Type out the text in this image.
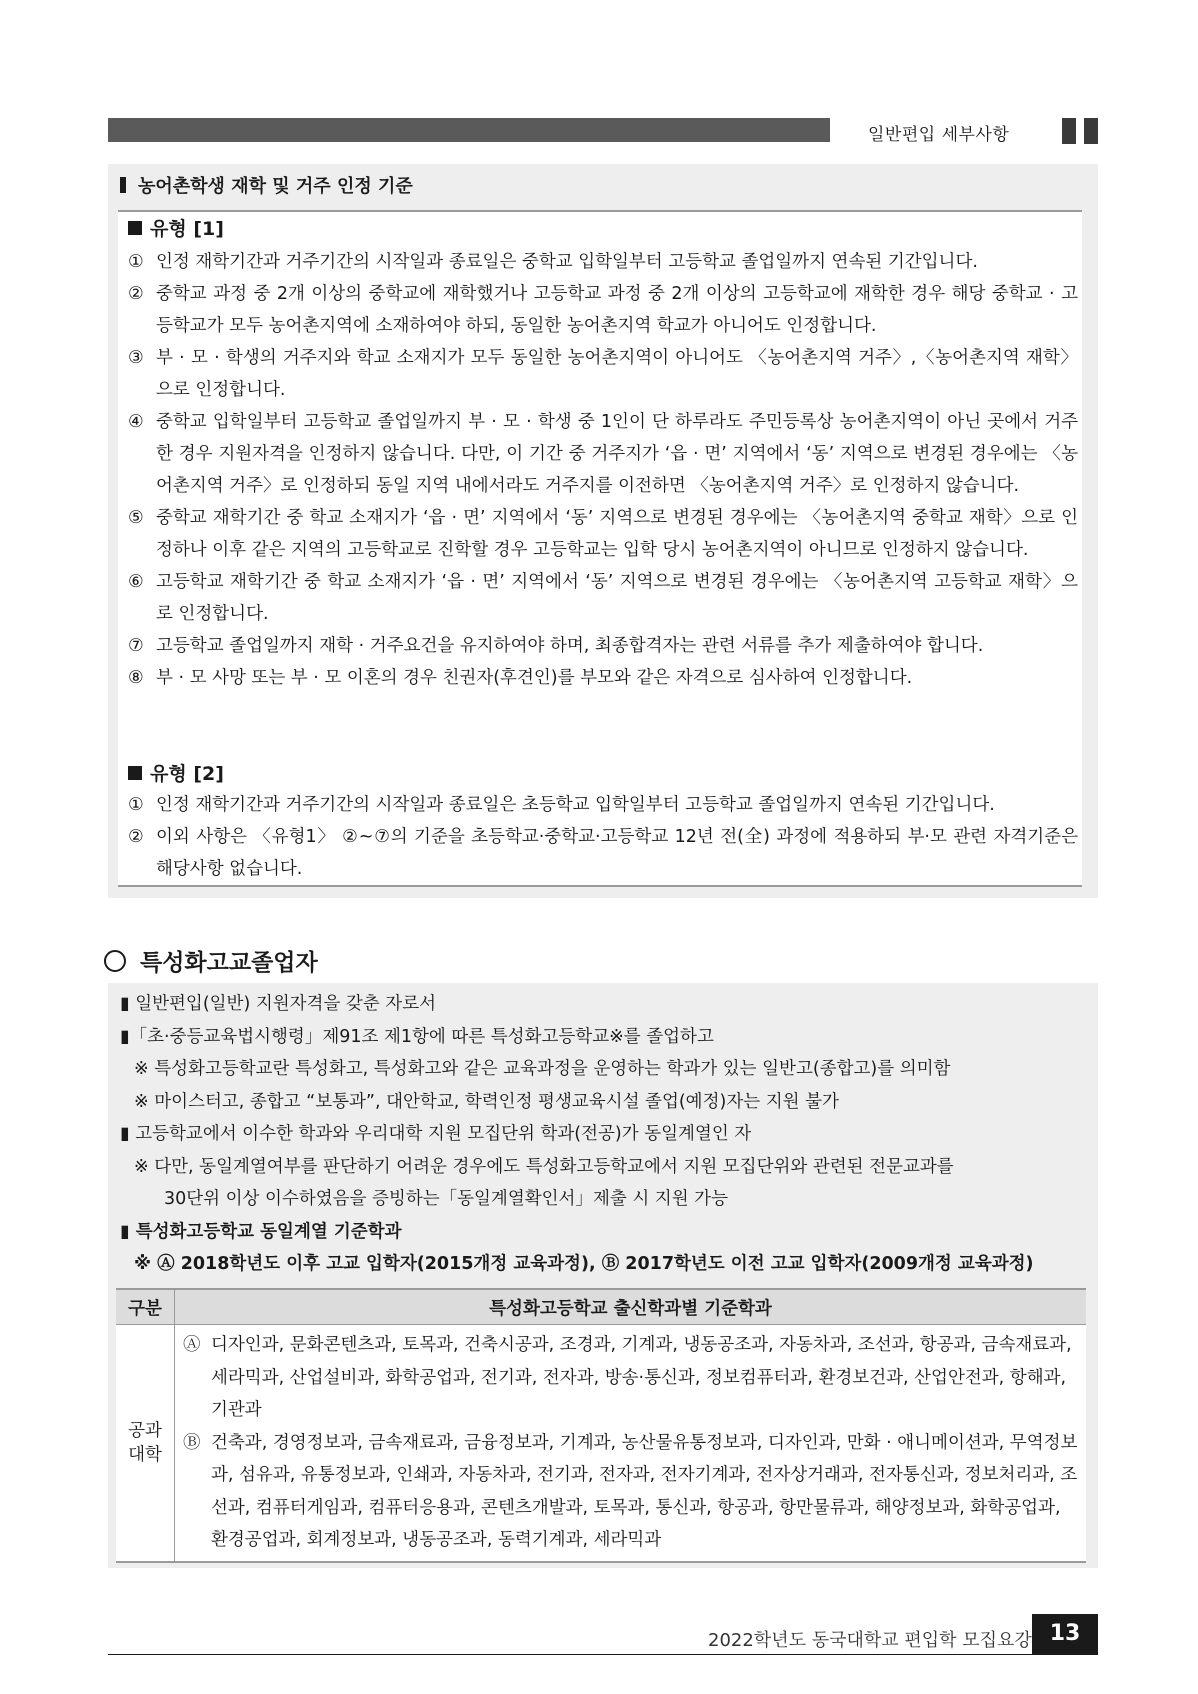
일반편입 세부사항
농어촌학생 재학 및 거주 인정 기준
유형 [1]
① 인정 재학기간과 거주기간의 시작일과 종료일은 중학교 입학일부터 고등학교 졸업일까지 연속된 기간입니다.
② 중학교 과정 중 2개 이상의 중학교에 재학했거나 고등학교 과정 중 2개 이상의 고등학교에 재학한 경우 해당 중학교 · 고등학교가 모두 농어촌지역에 소재하여야 하되, 동일한 농어촌지역 학교가 아니어도 인정합니다.
③ 부 · 모 · 학생의 거주지와 학교 소재지가 모두 동일한 농어촌지역이 아니어도 〈농어촌지역 거주〉,〈농어촌지역 재학〉으로 인정합니다.
④ 중학교 입학일부터 고등학교 졸업일까지 부 · 모 · 학생 중 1인이 단 하루라도 주민등록상 농어촌지역이 아닌 곳에서 거주한 경우 지원자격을 인정하지 않습니다. 다만, 이 기간 중 거주지가 ‘읍 · 면’ 지역에서 ‘동’ 지역으로 변경된 경우에는 〈농어촌지역 거주〉로 인정하되 동일 지역 내에서라도 거주지를 이전하면 〈농어촌지역 거주〉로 인정하지 않습니다.
⑤ 중학교 재학기간 중 학교 소재지가 ‘읍 · 면’ 지역에서 ‘동’ 지역으로 변경된 경우에는 〈농어촌지역 중학교 재학〉으로 인정하나 이후 같은 지역의 고등학교로 진학할 경우 고등학교는 입학 당시 농어촌지역이 아니므로 인정하지 않습니다.
⑥ 고등학교 재학기간 중 학교 소재지가 ‘읍 · 면’ 지역에서 ‘동’ 지역으로 변경된 경우에는 〈농어촌지역 고등학교 재학〉으로 인정합니다.
⑦ 고등학교 졸업일까지 재학 · 거주요건을 유지하여야 하며, 최종합격자는 관련 서류를 추가 제출하여야 합니다.
⑧ 부 · 모 사망 또는 부 · 모 이혼의 경우 친권자(후견인)를 부모와 같은 자격으로 심사하여 인정합니다.
유형 [2]
① 인정 재학기간과 거주기간의 시작일과 종료일은 초등학교 입학일부터 고등학교 졸업일까지 연속된 기간입니다.
② 이외 사항은 〈유형1〉 ②~⑦의 기준을 초등학교·중학교·고등학교 12년 전(全) 과정에 적용하되 부·모 관련 자격기준은 해당사항 없습니다.
특성화고교졸업자
▮ 일반편입(일반) 지원자격을 갖춘 자로서
▮「초·중등교육법시행령」제91조 제1항에 따른 특성화고등학교※를 졸업하고
※ 특성화고등학교란 특성화고, 특성화고와 같은 교육과정을 운영하는 학과가 있는 일반고(종합고)를 의미함
※ 마이스터고, 종합고 “보통과”, 대안학교, 학력인정 평생교육시설 졸업(예정)자는 지원 불가
▮ 고등학교에서 이수한 학과와 우리대학 지원 모집단위 학과(전공)가 동일계열인 자
※ 다만, 동일계열여부를 판단하기 어려운 경우에도 특성화고등학교에서 지원 모집단위와 관련된 전문교과를
30단위 이상 이수하였음을 증빙하는「동일계열확인서」제출 시 지원 가능
▮ 특성화고등학교 동일계열 기준학과
※ Ⓐ 2018학년도 이후 고교 입학자(2015개정 교육과정), Ⓑ 2017학년도 이전 고교 입학자(2009개정 교육과정)
구분	특성화고등학교 출신학과별 기준학과

공과대학	Ⓐ 디자인과, 문화콘텐츠과, 토목과, 건축시공과, 조경과, 기계과, 냉동공조과, 자동차과, 조선과, 항공과, 금속재료과, 세라믹과, 산업설비과, 화학공업과, 전기과, 전자과, 방송·통신과, 정보컴퓨터과, 환경보건과, 산업안전과, 항해과, 기관과
Ⓑ 건축과, 경영정보과, 금속재료과, 금융정보과, 기계과, 농산물유통정보과, 디자인과, 만화 · 애니메이션과, 무역정보과, 섬유과, 유통정보과, 인쇄과, 자동차과, 전기과, 전자과, 전자기계과, 전자상거래과, 전자통신과, 정보처리과, 조선과, 컴퓨터게임과, 컴퓨터응용과, 콘텐츠개발과, 토목과, 통신과, 항공과, 항만물류과, 해양정보과, 화학공업과, 환경공업과, 회계정보과, 냉동공조과, 동력기계과, 세라믹과
2022학년도 동국대학교 편입학 모집요강 13
